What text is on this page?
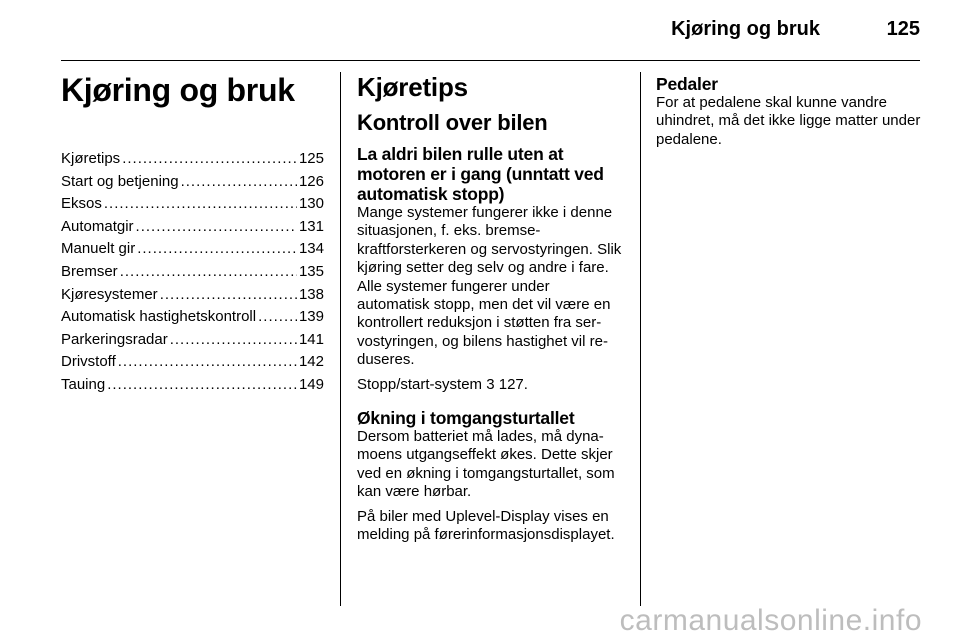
Kjøring og bruk	125
Kjøring og bruk
Kjøretips .....	125
Start og betjening .....	126
Eksos .....	130
Automatgir .....	131
Manuelt gir .....	134
Bremser .....	135
Kjøresystemer .....	138
Automatisk hastighetskontroll .....	139
Parkeringsradar .....	141
Drivstoff .....	142
Tauing .....	149
Kjøretips
Kontroll over bilen
La aldri bilen rulle uten at motoren er i gang (unntatt ved automatisk stopp)

Mange systemer fungerer ikke i denne situasjonen, f. eks. bremsekraftforsterkeren og servostyringen. Slik kjøring setter deg selv og andre i fare. Alle systemer fungerer under automatisk stopp, men det vil være en kontrollert reduksjon i støtten fra servostyringen, og bilens hastighet vil reduseres.

Stopp/start-system 3 127.

Økning i tomgangsturtallet

Dersom batteriet må lades, må dynamoens utgangseffekt økes. Dette skjer ved en økning i tomgangsturtallet, som kan være hørbar.

På biler med Uplevel-Display vises en melding på førerinformasjonsdisplayet.

Pedaler

For at pedalene skal kunne vandre uhindret, må det ikke ligge matter under pedalene.

carmanualsonline.info
